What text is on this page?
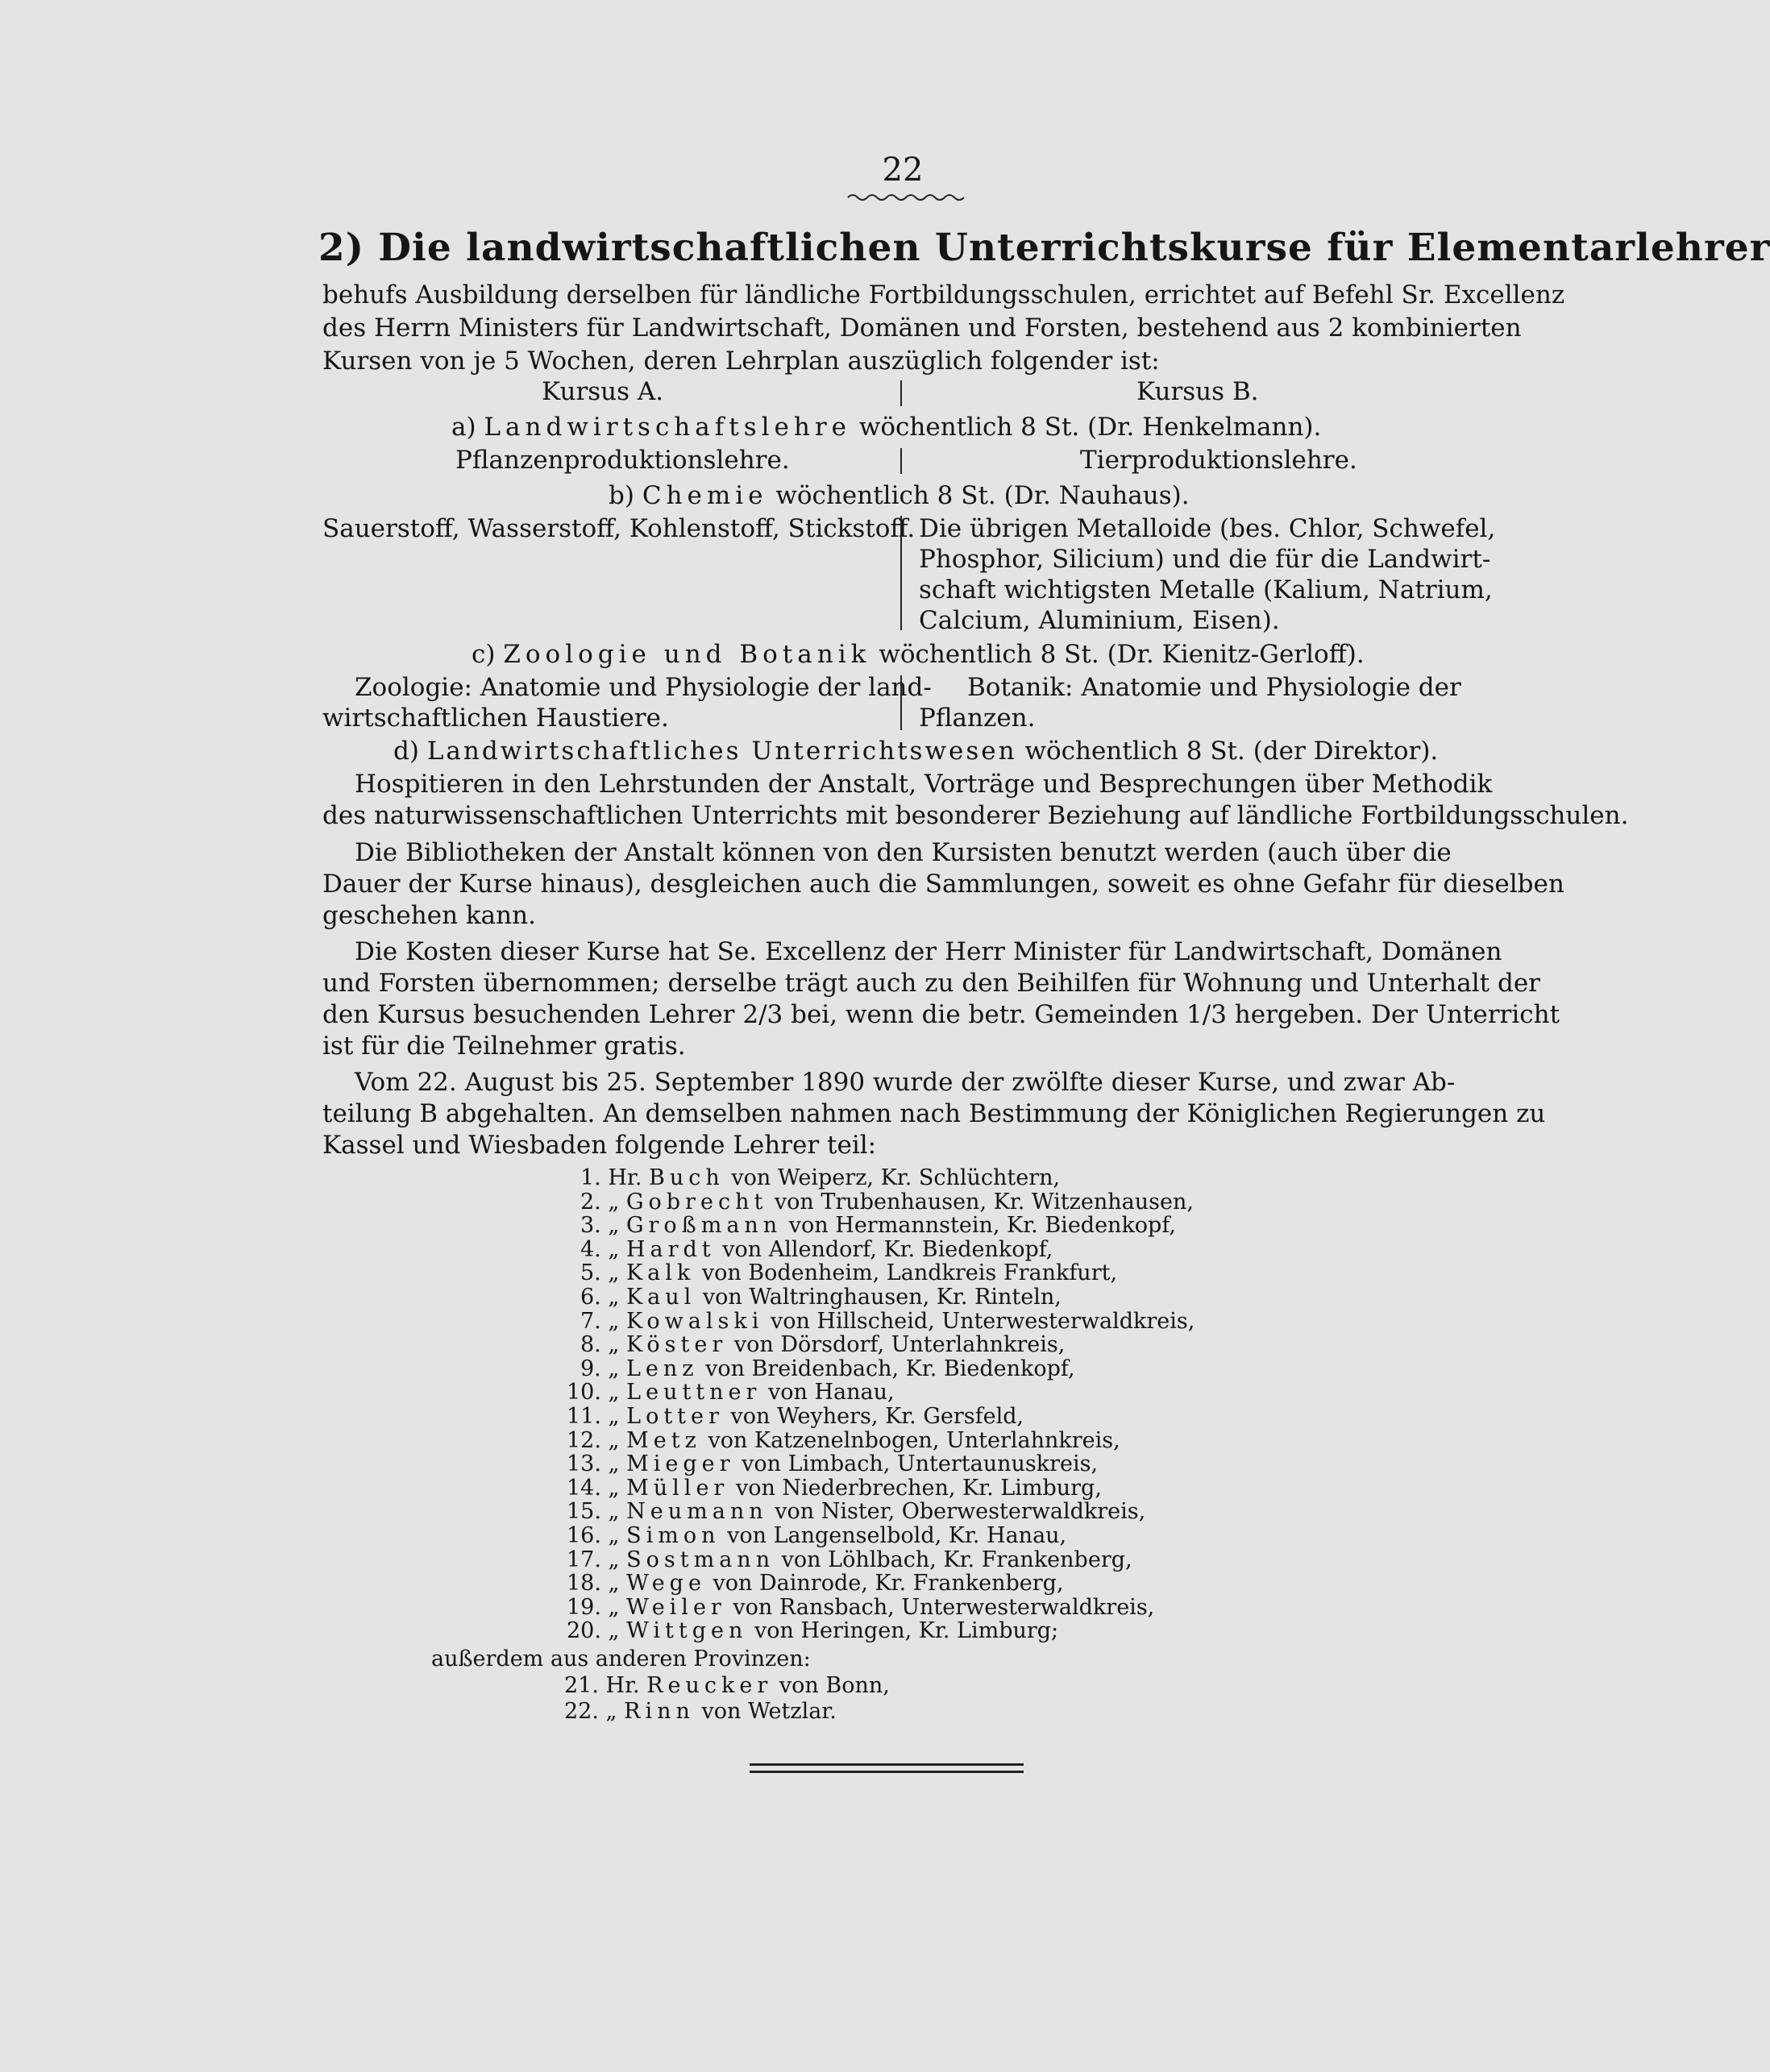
22
2) Die landwirtschaftlichen Unterrichtskurse für Elementarlehrer
behufs Ausbildung derselben für ländliche Fortbildungsschulen, errichtet auf Befehl Sr. Excellenz
des Herrn Ministers für Landwirtschaft, Domänen und Forsten, bestehend aus 2 kombinierten
Kursen von je 5 Wochen, deren Lehrplan auszüglich folgender ist:
Kursus A.	Kursus B.
a) Landwirtschaftslehre wöchentlich 8 St. (Dr. Henkelmann).
Pflanzenproduktionslehre.	Tierproduktionslehre.
b) Chemie wöchentlich 8 St. (Dr. Nauhaus).
Sauerstoff, Wasserstoff, Kohlenstoff, Stickstoff. Die übrigen Metalloide (bes. Chlor, Schwefel,
Phosphor, Silicium) und die für die Landwirt-
schaft wichtigsten Metalle (Kalium, Natrium,
Calcium, Aluminium, Eisen).
c) Zoologie und Botanik wöchentlich 8 St. (Dr. Kienitz-Gerloff).
Zoologie: Anatomie und Physiologie der land-
wirtschaftlichen Haustiere.
Botanik: Anatomie und Physiologie der
Pflanzen.
d) Landwirtschaftliches Unterrichtswesen wöchentlich 8 St. (der Direktor).
Hospitieren in den Lehrstunden der Anstalt, Vorträge und Besprechungen über Methodik
des naturwissenschaftlichen Unterrichts mit besonderer Beziehung auf ländliche Fortbildungsschulen.
Die Bibliotheken der Anstalt können von den Kursisten benutzt werden (auch über die
Dauer der Kurse hinaus), desgleichen auch die Sammlungen, soweit es ohne Gefahr für dieselben
geschehen kann.
Die Kosten dieser Kurse hat Se. Excellenz der Herr Minister für Landwirtschaft, Domänen
und Forsten übernommen; derselbe trägt auch zu den Beihilfen für Wohnung und Unterhalt der
den Kursus besuchenden Lehrer 2/3 bei, wenn die betr. Gemeinden 1/3 hergeben. Der Unterricht
ist für die Teilnehmer gratis.
Vom 22. August bis 25. September 1890 wurde der zwölfte dieser Kurse, und zwar Ab-
teilung B abgehalten. An demselben nahmen nach Bestimmung der Königlichen Regierungen zu
Kassel und Wiesbaden folgende Lehrer teil:
1. Hr. Buch von Weiperz, Kr. Schlüchtern,
2. „ Gobrecht von Trubenhausen, Kr. Witzenhausen,
3. „ Großmann von Hermannstein, Kr. Biedenkopf,
4. „ Hardt von Allendorf, Kr. Biedenkopf,
5. „ Kalk von Bodenheim, Landkreis Frankfurt,
6. „ Kaul von Waltringhausen, Kr. Rinteln,
7. „ Kowalski von Hillscheid, Unterwesterwaldkreis,
8. „ Köster von Dörsdorf, Unterlahnkreis,
9. „ Lenz von Breidenbach, Kr. Biedenkopf,
10. „ Leuttner von Hanau,
11. „ Lotter von Weyhers, Kr. Gersfeld,
12. „ Metz von Katzenelnbogen, Unterlahnkreis,
13. „ Mieger von Limbach, Untertaunuskreis,
14. „ Müller von Niederbrechen, Kr. Limburg,
15. „ Neumann von Nister, Oberwesterwaldkreis,
16. „ Simon von Langenselbold, Kr. Hanau,
17. „ Sostmann von Löhlbach, Kr. Frankenberg,
18. „ Wege von Dainrode, Kr. Frankenberg,
19. „ Weiler von Ransbach, Unterwesterwaldkreis,
20. „ Wittgen von Heringen, Kr. Limburg;
außerdem aus anderen Provinzen:
21. Hr. Reucker von Bonn,
22. „ Rinn von Wetzlar.
